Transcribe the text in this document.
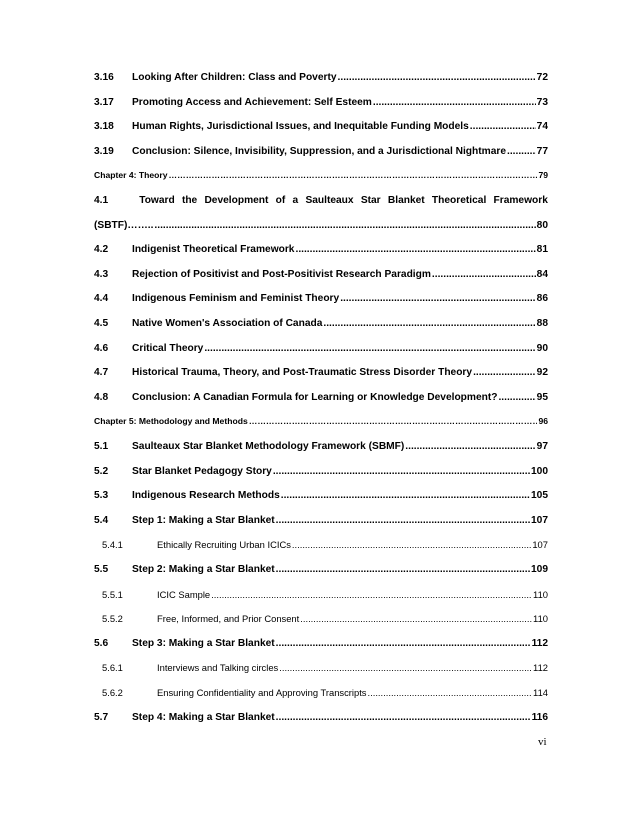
3.16	Looking After Children: Class and Poverty .....	72
3.17	Promoting Access and Achievement: Self Esteem .....	73
3.18	Human Rights, Jurisdictional Issues, and Inequitable Funding Models .....	74
3.19	Conclusion: Silence, Invisibility, Suppression, and a Jurisdictional Nightmare .....	77
Chapter 4: Theory ……………………………………………………………………………………………………………………………………………………………………………………	79
4.1	Toward the Development of a Saulteaux Star Blanket Theoretical Framework
(SBTF)…….. .....	80
4.2	Indigenist Theoretical Framework .....	81
4.3	Rejection of Positivist and Post-Positivist Research Paradigm .....	84
4.4	Indigenous Feminism and Feminist Theory .....	86
4.5	Native Women's Association of Canada .....	88
4.6	Critical Theory .....	90
4.7	Historical Trauma, Theory, and Post-Traumatic Stress Disorder Theory .....	92
4.8	Conclusion: A Canadian Formula for Learning or Knowledge Development? .....	95
Chapter 5: Methodology and Methods ……………………………………………………………………………………………………………………………………………………………………………………	96
5.1	Saulteaux Star Blanket Methodology Framework (SBMF) .....	97
5.2	Star Blanket Pedagogy Story .....	100
5.3	Indigenous Research Methods .....	105
5.4	Step 1: Making a Star Blanket .....	107
5.4.1	Ethically Recruiting Urban ICICs .....	107
5.5	Step 2: Making a Star Blanket .....	109
5.5.1	ICIC Sample .....	110
5.5.2	Free, Informed, and Prior Consent .....	110
5.6	Step 3: Making a Star Blanket .....	112
5.6.1	Interviews and Talking circles .....	112
5.6.2	Ensuring Confidentiality and Approving Transcripts .....	114
5.7	Step 4: Making a Star Blanket .....	116
vi
